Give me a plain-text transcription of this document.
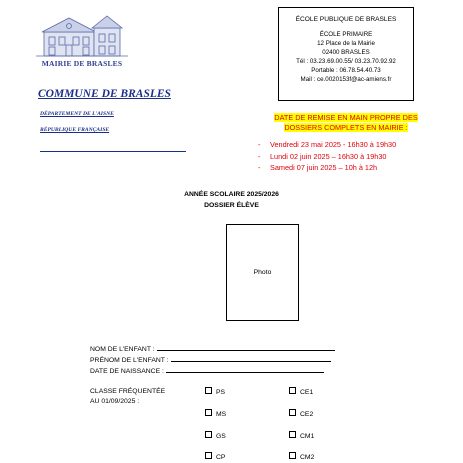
MAIRIE DE BRASLES
ÉCOLE PUBLIQUE DE BRASLES
ÉCOLE PRIMAIRE
12 Place de la Mairie
02400 BRASLES
Tél : 03.23.69.00.55/ 03.23.70.92.92
Portable : 06.78.54.40.73
Mail : ce.0020153f@ac-amiens.fr
COMMUNE DE BRASLES
DÉPARTEMENT DE L'AISNE
RÉPUBLIQUE FRANÇAISE
DATE DE REMISE EN MAIN PROPRE DES
DOSSIERS COMPLETS EN MAIRIE :
- Vendredi 23 mai 2025 - 16h30 à 19h30
- Lundi 02 juin 2025 – 16h30 à 19h30
- Samedi 07 juin 2025 – 10h à 12h
ANNÉE SCOLAIRE 2025/2026
DOSSIER ÉLÈVE
Photo
NOM DE L'ENFANT :
PRÉNOM DE L'ENFANT :
DATE DE NAISSANCE :
CLASSE FRÉQUENTÉE
AU 01/09/2025 :
PS
MS
GS
CP
CE1
CE2
CM1
CM2
